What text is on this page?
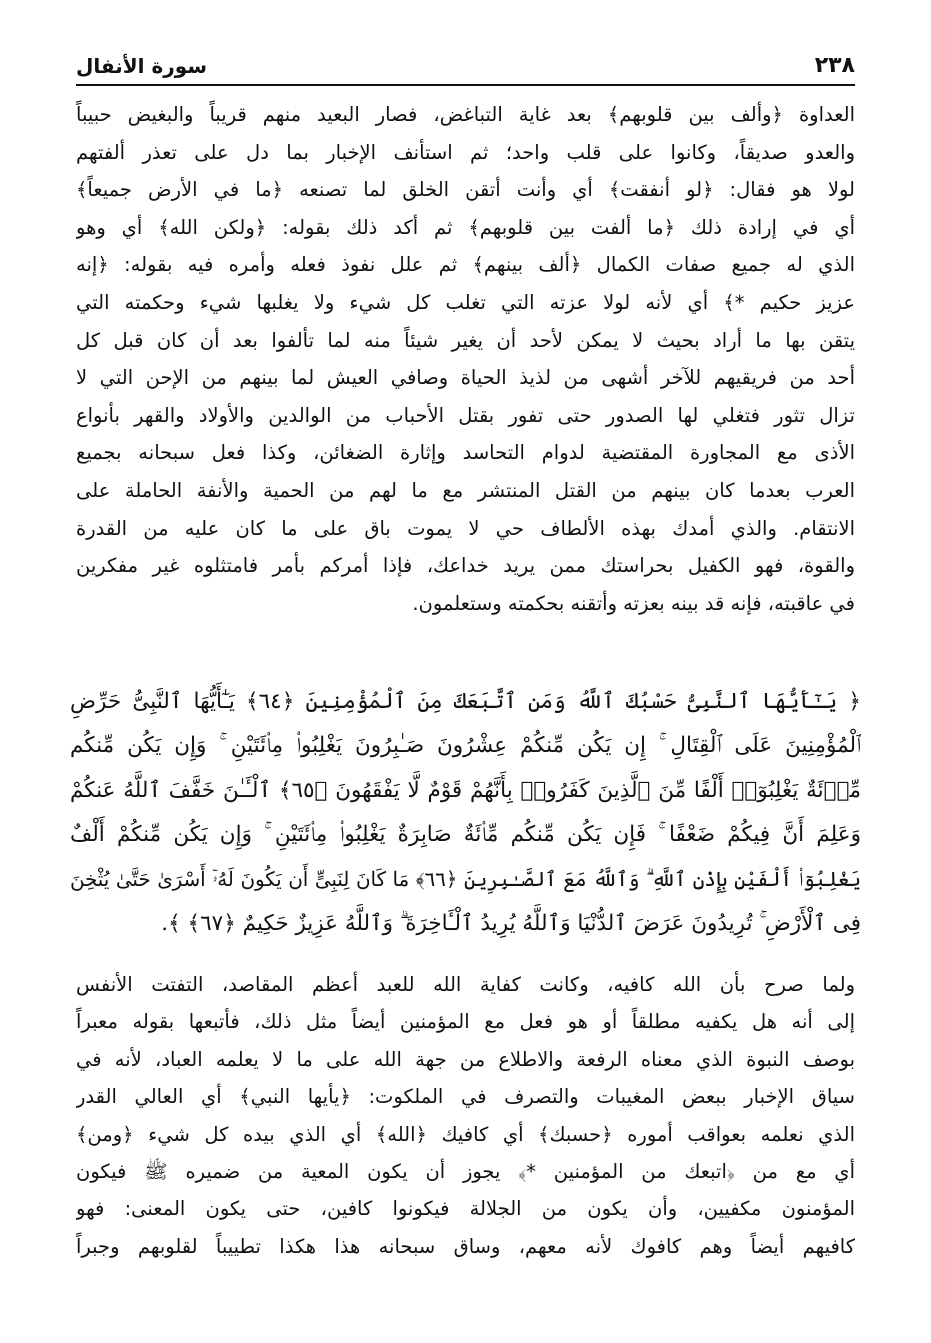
٢٣٨
سورة الأنفال
العداوة ﴿وألف بين قلوبهم﴾ بعد غاية التباغض، فصار البعيد منهم قريباً والبغيض حبيباً
والعدو صديقاً، وكانوا على قلب واحد؛ ثم استأنف الإخبار بما دل على تعذر ألفتهم
لولا هو فقال: ﴿لو أنفقت﴾ أي وأنت أتقن الخلق لما تصنعه ﴿ما في الأرض جميعاً﴾
أي في إرادة ذلك ﴿ما ألفت بين قلوبهم﴾ ثم أكد ذلك بقوله: ﴿ولكن الله﴾ أي وهو
الذي له جميع صفات الكمال ﴿ألف بينهم﴾ ثم علل نفوذ فعله وأمره فيه بقوله: ﴿إنه
عزيز حكيم *﴾ أي لأنه لولا عزته التي تغلب كل شيء ولا يغلبها شيء وحكمته التي
يتقن بها ما أراد بحيث لا يمكن لأحد أن يغير شيئاً منه لما تألفوا بعد أن كان قبل كل
أحد من فريقيهم للآخر أشهى من لذيذ الحياة وصافي العيش لما بينهم من الإحن التي لا
تزال تثور فتغلي لها الصدور حتى تفور بقتل الأحباب من الوالدين والأولاد والقهر بأنواع
الأذى مع المجاورة المقتضية لدوام التحاسد وإثارة الضغائن، وكذا فعل سبحانه بجميع
العرب بعدما كان بينهم من القتل المنتشر مع ما لهم من الحمية والأنفة الحاملة على
الانتقام. والذي أمدك بهذه الألطاف حي لا يموت باق على ما كان عليه من القدرة
والقوة، فهو الكفيل بحراستك ممن يريد خداعك، فإذا أمركم بأمر فامتثلوه غير مفكرين
في عاقبته، فإنه قد بينه بعزته وأتقنه بحكمته وستعلمون.
﴿ يَـٰٓأَيُّهَا ٱلنَّبِىُّ حَسْبُكَ ٱللَّهُ وَمَنِ ٱتَّبَعَكَ مِنَ ٱلْمُؤْمِنِينَ ﴿٦٤﴾ يَـٰٓأَيُّهَا ٱلنَّبِىُّ حَرِّضِ
ٱلْمُؤْمِنِينَ عَلَى ٱلْقِتَالِ ۚ إِن يَكُن مِّنكُمْ عِشْرُونَ صَـٰبِرُونَ يَغْلِبُوا۟ مِا۟ئَتَيْنِ ۚ وَإِن يَكُن مِّنكُم
مِّا۟ئَةٌ يَغْلِبُوٓا۟ أَلْفًا مِّنَ ٱلَّذِينَ كَفَرُوا۟ بِأَنَّهُمْ قَوْمٌ لَّا يَفْقَهُونَ ﴿٦٥﴾ ٱلْـَٔـٰنَ خَفَّفَ ٱللَّهُ عَنكُمْ
وَعَلِمَ أَنَّ فِيكُمْ ضَعْفًا ۚ فَإِن يَكُن مِّنكُم مِّا۟ئَةٌ صَابِرَةٌ يَغْلِبُوا۟ مِا۟ئَتَيْنِ ۚ وَإِن يَكُن مِّنكُمْ أَلْفٌ
يَغْلِبُوٓا۟ أَلْفَيْنِ بِإِذْنِ ٱللَّهِ ۗ وَٱللَّهُ مَعَ ٱلصَّـٰبِرِينَ ﴿٦٦﴾ مَا كَانَ لِنَبِىٍّ أَن يَكُونَ لَهُۥٓ أَسْرَىٰ حَتَّىٰ يُثْخِنَ
فِى ٱلْأَرْضِ ۚ تُرِيدُونَ عَرَضَ ٱلدُّنْيَا وَٱللَّهُ يُرِيدُ ٱلْـَٔاخِرَةَ ۗ وَٱللَّهُ عَزِيزٌ حَكِيمٌ ﴿٦٧﴾ ﴾.
ولما صرح بأن الله كافيه، وكانت كفاية الله للعبد أعظم المقاصد، التفتت الأنفس
إلى أنه هل يكفيه مطلقاً أو هو فعل مع المؤمنين أيضاً مثل ذلك، فأتبعها بقوله معبراً
بوصف النبوة الذي معناه الرفعة والاطلاع من جهة الله على ما لا يعلمه العباد، لأنه في
سياق الإخبار ببعض المغيبات والتصرف في الملكوت: ﴿يأيها النبي﴾ أي العالي القدر
الذي نعلمه بعواقب أموره ﴿حسبك﴾ أي كافيك ﴿الله﴾ أي الذي بيده كل شيء ﴿ومن﴾
أي مع من ﴿اتبعك من المؤمنين *﴾ يجوز أن يكون المعية من ضميره ﷺ فيكون
المؤمنون مكفيين، وأن يكون من الجلالة فيكونوا كافين، حتى يكون المعنى: فهو
كافيهم أيضاً وهم كافوك لأنه معهم، وساق سبحانه هذا هكذا تطييباً لقلوبهم وجبراً
